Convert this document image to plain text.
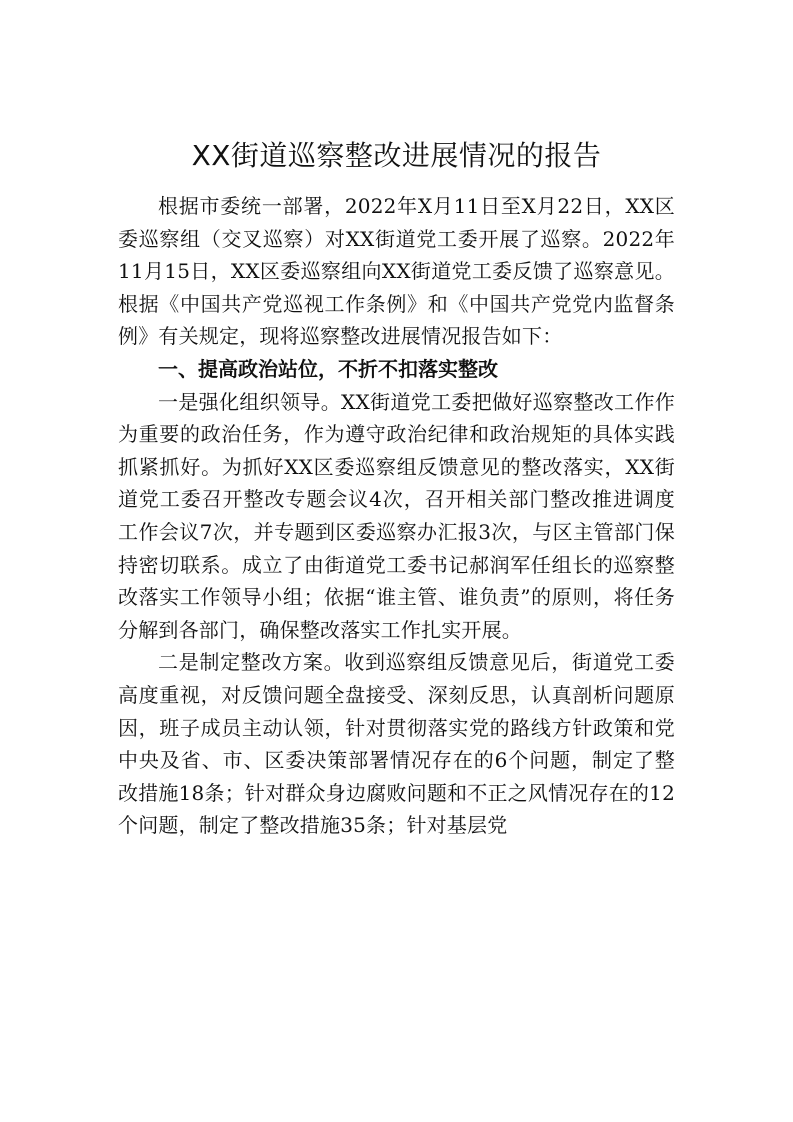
XX街道巡察整改进展情况的报告

根据市委统一部署，2022年X月11日至X月22日，XX区委巡察组（交叉巡察）对XX街道党工委开展了巡察。2022年11月15日，XX区委巡察组向XX街道党工委反馈了巡察意见。根据《中国共产党巡视工作条例》和《中国共产党党内监督条例》有关规定，现将巡察整改进展情况报告如下：

一、提高政治站位，不折不扣落实整改

一是强化组织领导。XX街道党工委把做好巡察整改工作作为重要的政治任务，作为遵守政治纪律和政治规矩的具体实践抓紧抓好。为抓好XX区委巡察组反馈意见的整改落实，XX街道党工委召开整改专题会议4次，召开相关部门整改推进调度工作会议7次，并专题到区委巡察办汇报3次，与区主管部门保持密切联系。成立了由街道党工委书记郝润军任组长的巡察整改落实工作领导小组；依据“谁主管、谁负责”的原则，将任务分解到各部门，确保整改落实工作扎实开展。

二是制定整改方案。收到巡察组反馈意见后，街道党工委高度重视，对反馈问题全盘接受、深刻反思，认真剖析问题原因，班子成员主动认领，针对贯彻落实党的路线方针政策和党中央及省、市、区委决策部署情况存在的6个问题，制定了整改措施18条；针对群众身边腐败问题和不正之风情况存在的12个问题，制定了整改措施35条；针对基层党
